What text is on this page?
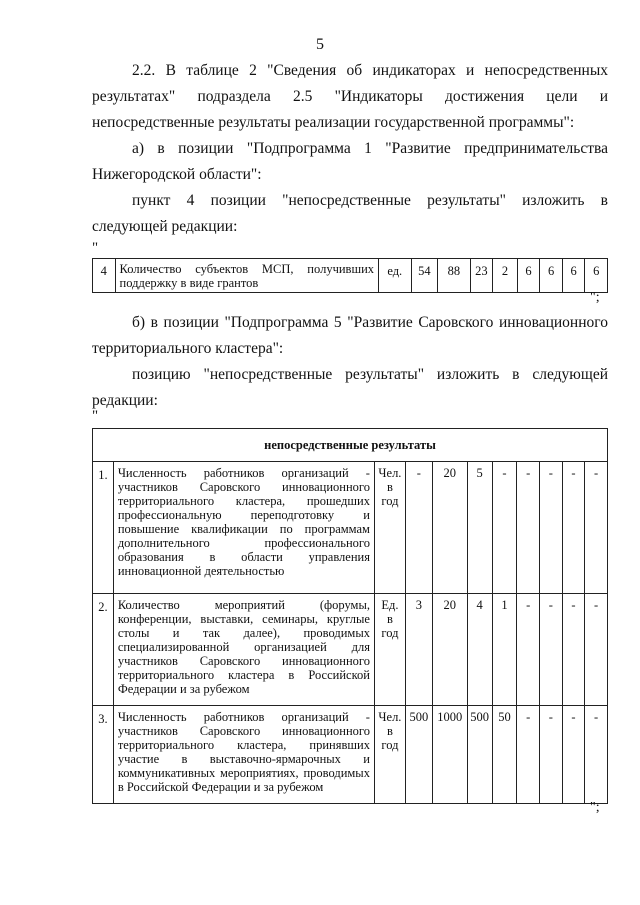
5
2.2. В таблице 2 "Сведения об индикаторах и непосредственных результатах" подраздела 2.5 "Индикаторы достижения цели и непосредственные результаты реализации государственной программы":
а) в позиции "Подпрограмма 1 "Развитие предпринимательства Нижегородской области":
пункт 4 позиции "непосредственные результаты" изложить в следующей редакции:
"
4	Количество субъектов МСП, получивших поддержку в виде грантов	ед.	54	88	23	2	6	6	6	6
";
б) в позиции "Подпрограмма 5 "Развитие Саровского инновационного территориального кластера":
позицию "непосредственные результаты" изложить в следующей редакции:
"
непосредственные результаты										
1.	Численность работников организаций - участников Саровского инновационного территориального кластера, прошедших профессиональную переподготовку и повышение квалификации по программам дополнительного профессионального образования в области управления инновационной деятельностью	Чел. в год	-	20	5	-	-	-	-	-
2.	Количество мероприятий (форумы, конференции, выставки, семинары, круглые столы и так далее), проводимых специализированной организацией для участников Саровского инновационного территориального кластера в Российской Федерации и за рубежом	Ед. в год	3	20	4	1	-	-	-	-
3.	Численность работников организаций - участников Саровского инновационного территориального кластера, принявших участие в выставочно-ярмарочных и коммуникативных мероприятиях, проводимых в Российской Федерации и за рубежом	Чел. в год	500	1000	500	50	-	-	-	-
";
